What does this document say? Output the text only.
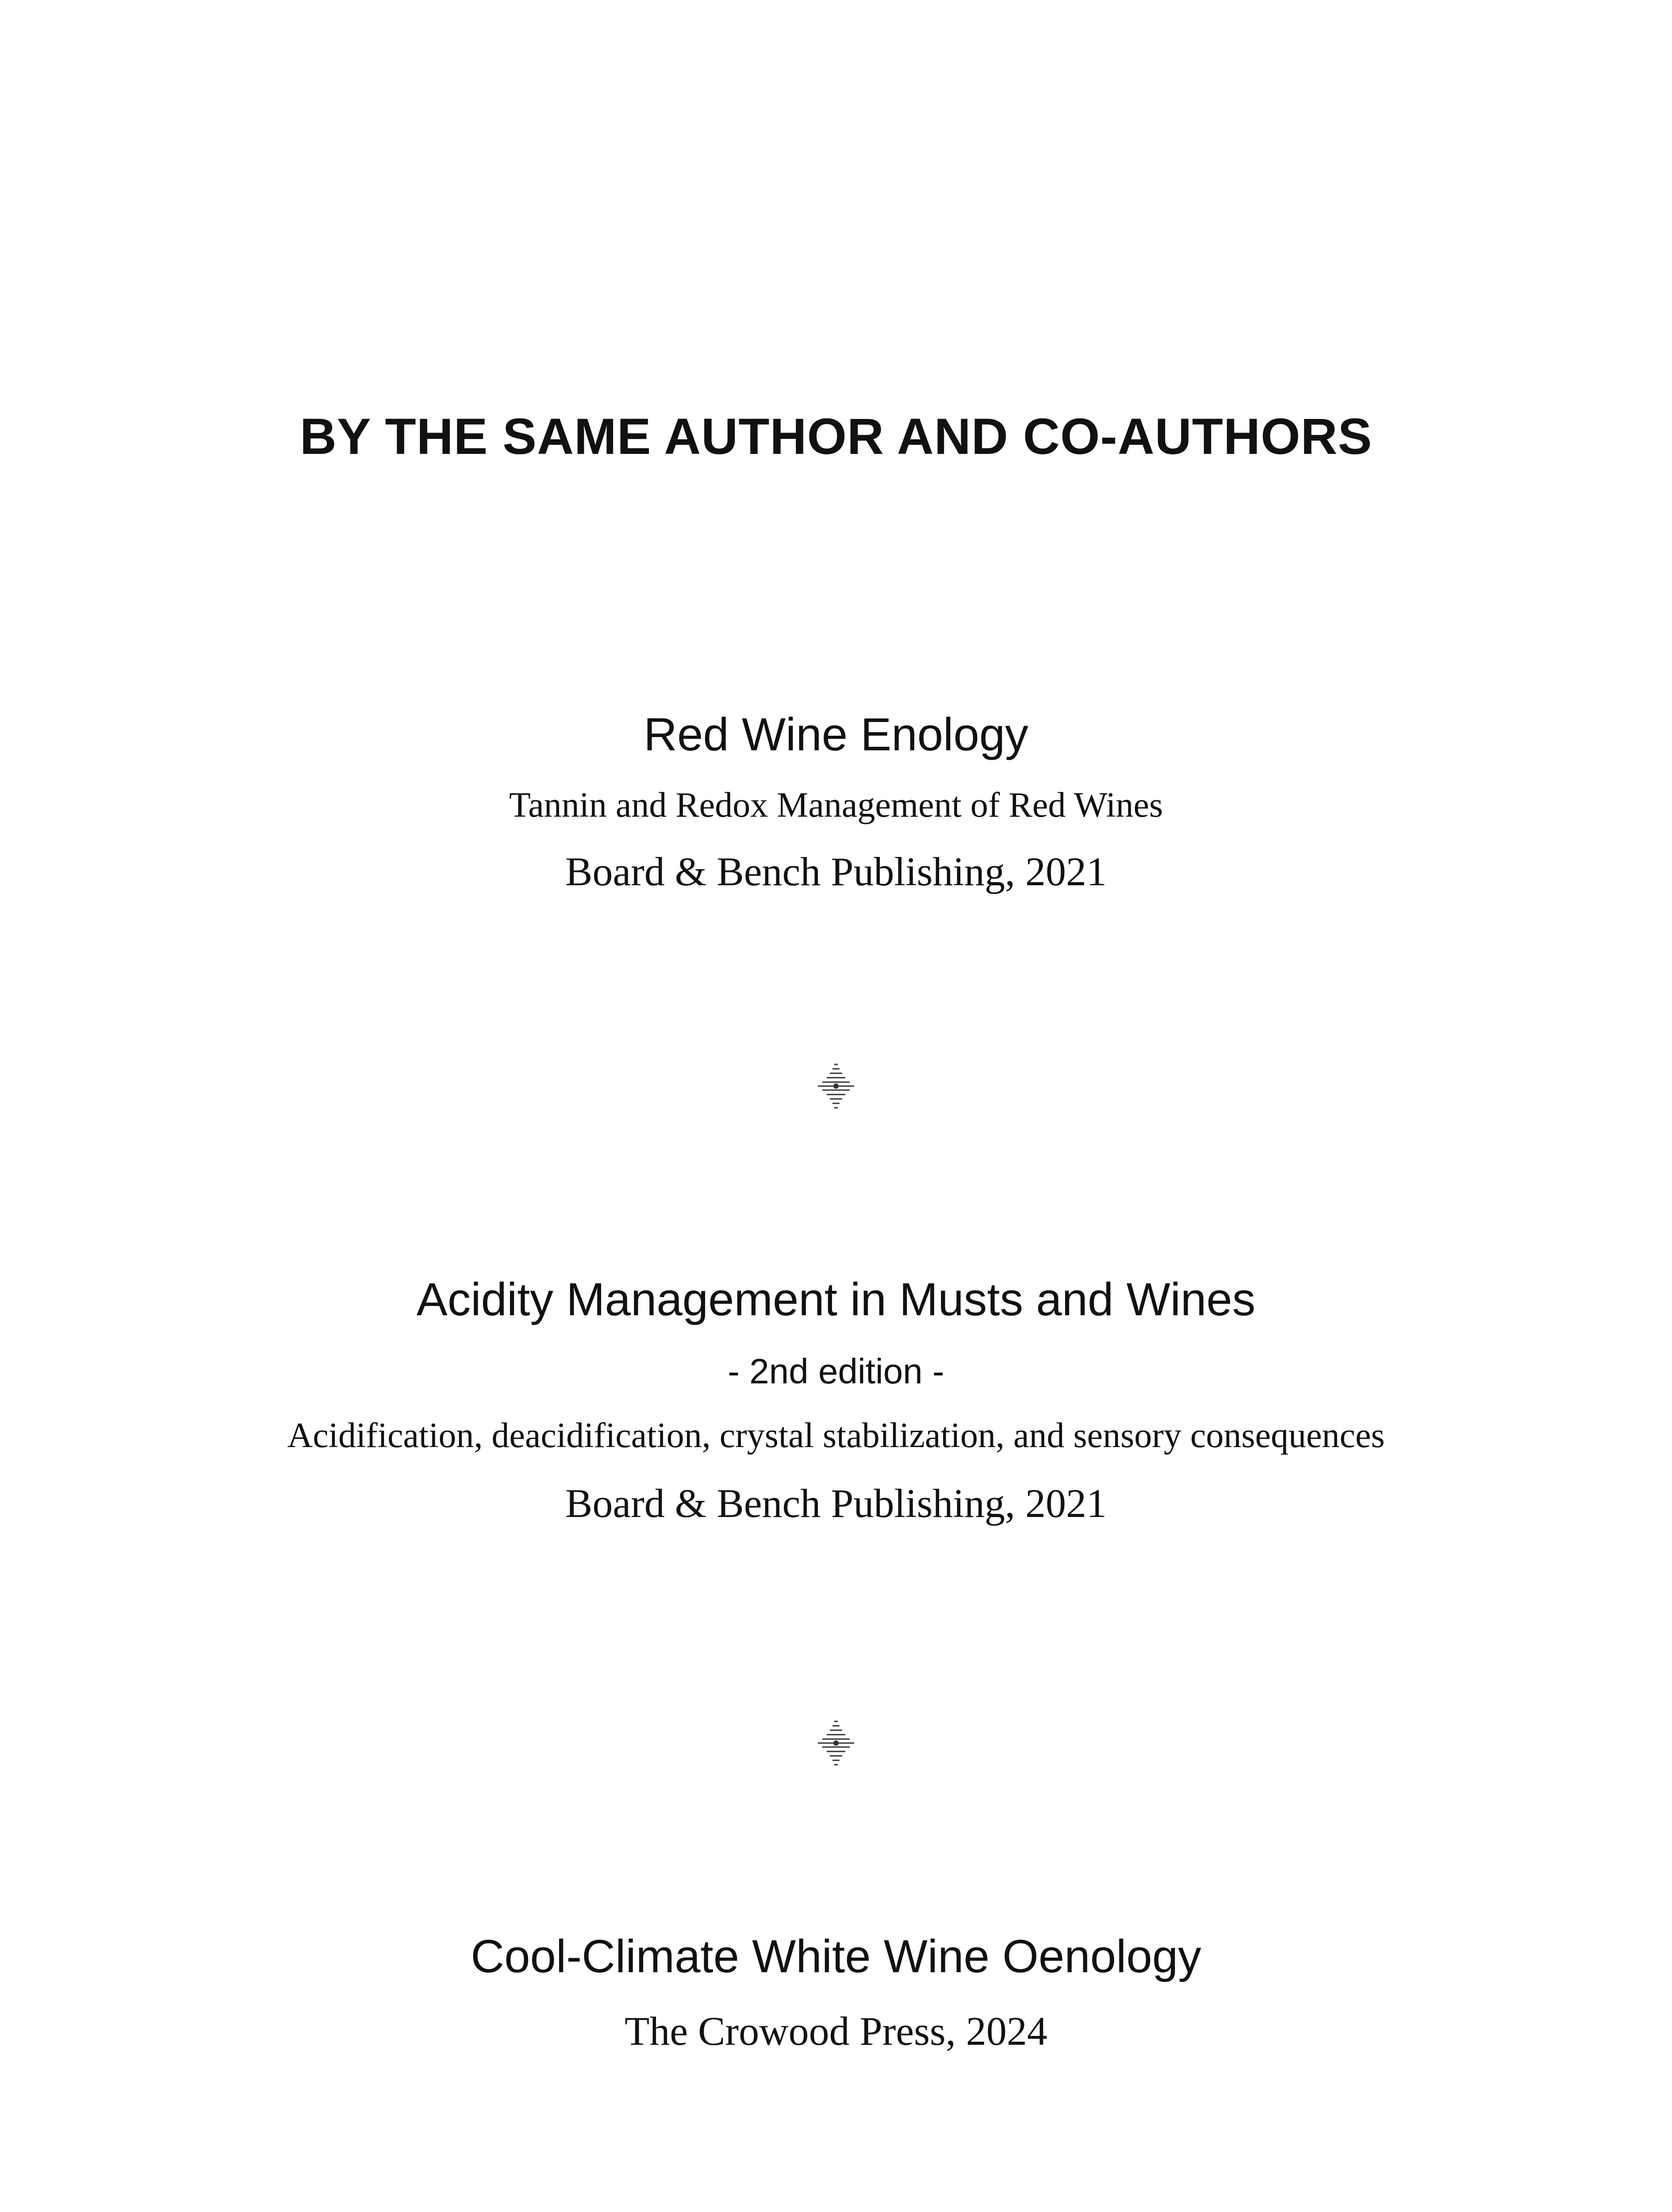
BY THE SAME AUTHOR AND CO-AUTHORS
Red Wine Enology
Tannin and Redox Management of Red Wines
Board & Bench Publishing, 2021
Acidity Management in Musts and Wines
- 2nd edition -
Acidification, deacidification, crystal stabilization, and sensory consequences
Board & Bench Publishing, 2021
Cool-Climate White Wine Oenology
The Crowood Press, 2024
